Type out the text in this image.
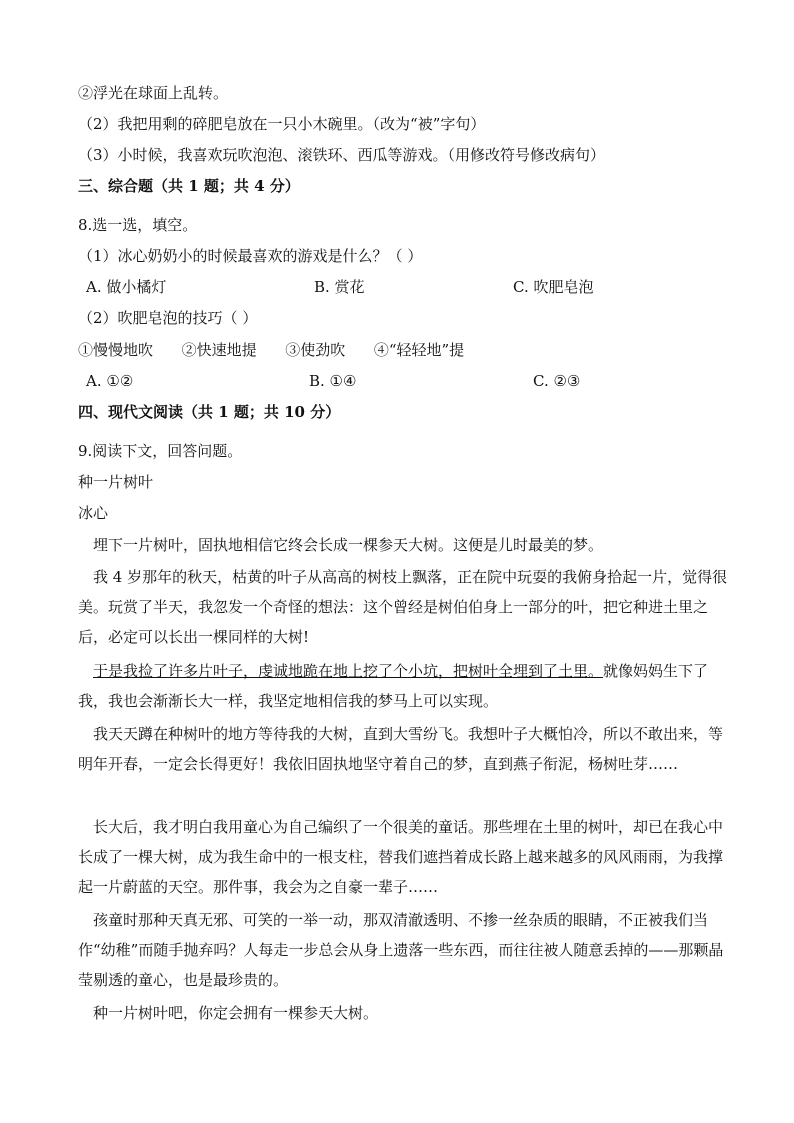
②浮光在球面上乱转。
（2）我把用剩的碎肥皂放在一只小木碗里。（改为“被”字句）
（3）小时候，我喜欢玩吹泡泡、滚铁环、西瓜等游戏。（用修改符号修改病句）
三、综合题（共 1 题；共 4 分）
8.选一选，填空。
（1）冰心奶奶小的时候最喜欢的游戏是什么？（ ）
A. 做小橘灯	B. 赏花	C. 吹肥皂泡
（2）吹肥皂泡的技巧（ ）
①慢慢地吹      ②快速地提      ③使劲吹      ④“轻轻地”提
A. ①②	B. ①④	C. ②③
四、现代文阅读（共 1 题；共 10 分）
9.阅读下文，回答问题。
种一片树叶
冰心
埋下一片树叶，固执地相信它终会长成一棵参天大树。这便是儿时最美的梦。
我 4 岁那年的秋天，枯黄的叶子从高高的树枝上飘落，正在院中玩耍的我俯身拾起一片，觉得很美。玩赏了半天，我忽发一个奇怪的想法：这个曾经是树伯伯身上一部分的叶，把它种进土里之后，必定可以长出一棵同样的大树!
于是我捡了许多片叶子，虔诚地跪在地上挖了个小坑，把树叶全埋到了土里。就像妈妈生下了我，我也会渐渐长大一样，我坚定地相信我的梦马上可以实现。
我天天蹲在种树叶的地方等待我的大树，直到大雪纷飞。我想叶子大概怕冷，所以不敢出来，等明年开春，一定会长得更好！我依旧固执地坚守着自己的梦，直到燕子衔泥，杨树吐芽……
长大后，我才明白我用童心为自己编织了一个很美的童话。那些埋在土里的树叶，却已在我心中长成了一棵大树，成为我生命中的一根支柱，替我们遮挡着成长路上越来越多的风风雨雨，为我撑起一片蔚蓝的天空。那件事，我会为之自豪一辈子……
孩童时那种天真无邪、可笑的一举一动，那双清澈透明、不掺一丝杂质的眼睛，不正被我们当作“幼稚”而随手抛弃吗？人每走一步总会从身上遗落一些东西，而往往被人随意丢掉的——那颗晶莹剔透的童心，也是最珍贵的。
种一片树叶吧，你定会拥有一棵参天大树。
